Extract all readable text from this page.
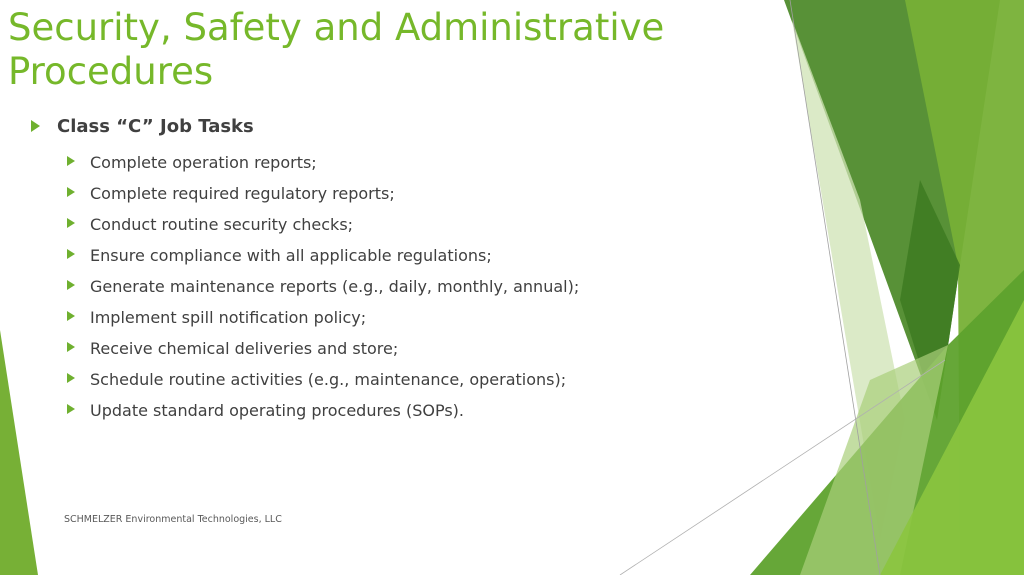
Security, Safety and Administrative
Procedures
Class “C” Job Tasks
Complete operation reports;
Complete required regulatory reports;
Conduct routine security checks;
Ensure compliance with all applicable regulations;
Generate maintenance reports (e.g., daily, monthly, annual);
Implement spill notification policy;
Receive chemical deliveries and store;
Schedule routine activities (e.g., maintenance, operations);
Update standard operating procedures (SOPs).
SCHMELZER Environmental Technologies, LLC
